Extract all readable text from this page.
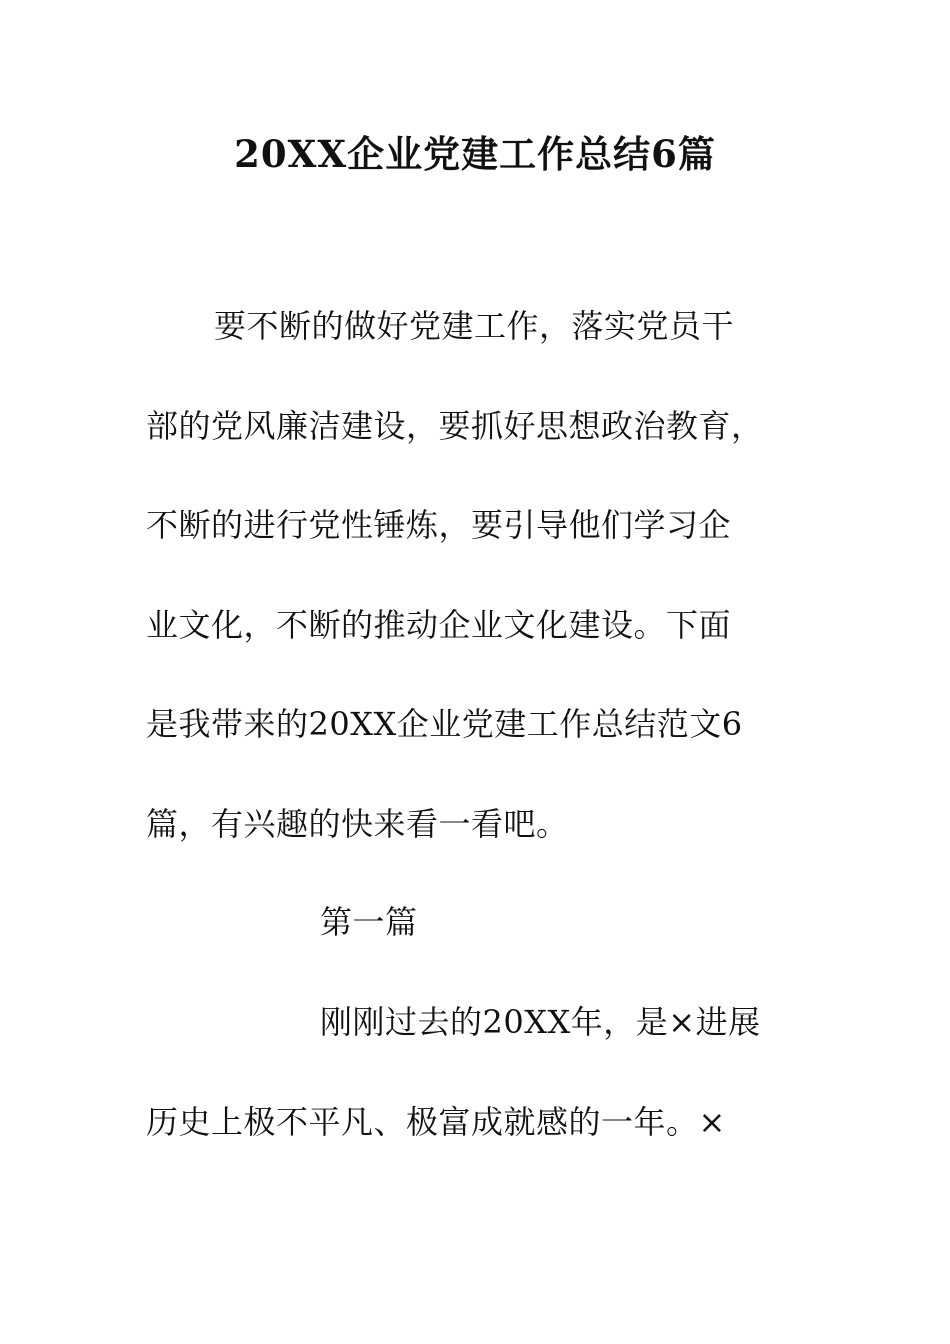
20XX企业党建工作总结6篇
要不断的做好党建工作，落实党员干
部的党风廉洁建设，要抓好思想政治教育，
不断的进行党性锤炼，要引导他们学习企
业文化，不断的推动企业文化建设。下面
是我带来的20XX企业党建工作总结范文6
篇，有兴趣的快来看一看吧。
第一篇
刚刚过去的20XX年，是×进展
历史上极不平凡、极富成就感的一年。×
